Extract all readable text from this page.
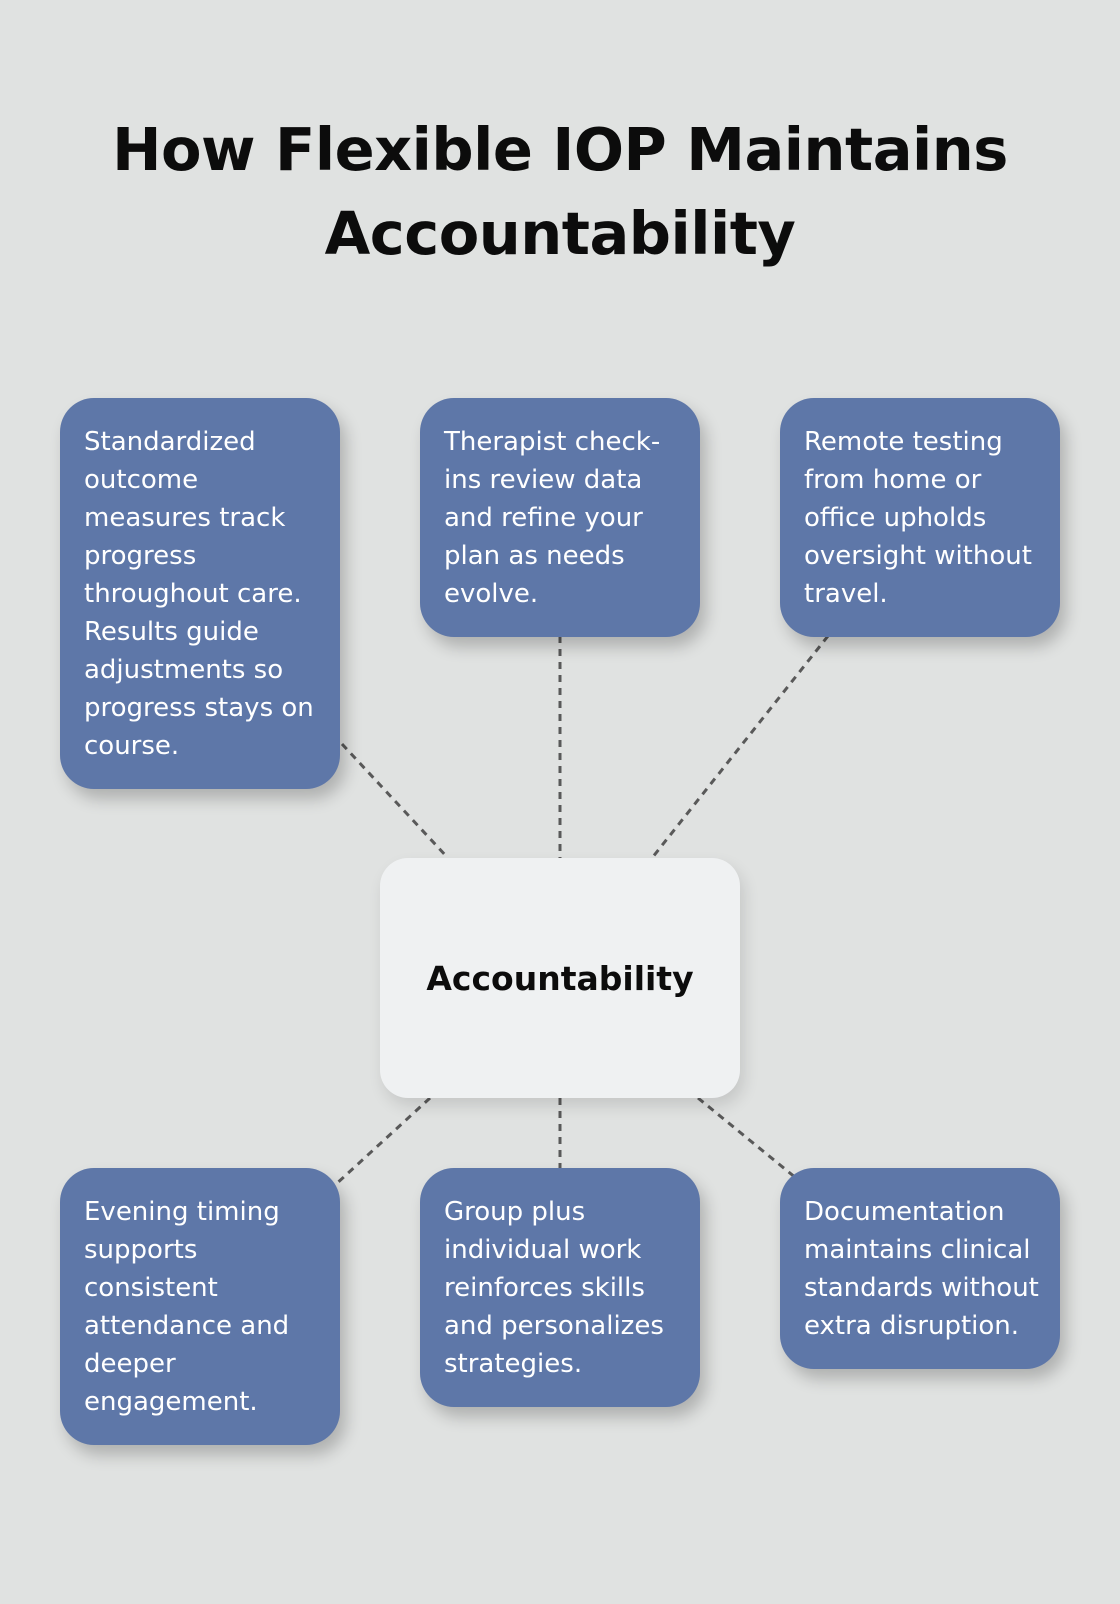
How Flexible IOP Maintains Accountability
Standardized outcome measures track progress throughout care. Results guide adjustments so progress stays on course.
Therapist check-ins review data and refine your plan as needs evolve.
Remote testing from home or office upholds oversight without travel.
Accountability
Evening timing supports consistent attendance and deeper engagement.
Group plus individual work reinforces skills and personalizes strategies.
Documentation maintains clinical standards without extra disruption.
